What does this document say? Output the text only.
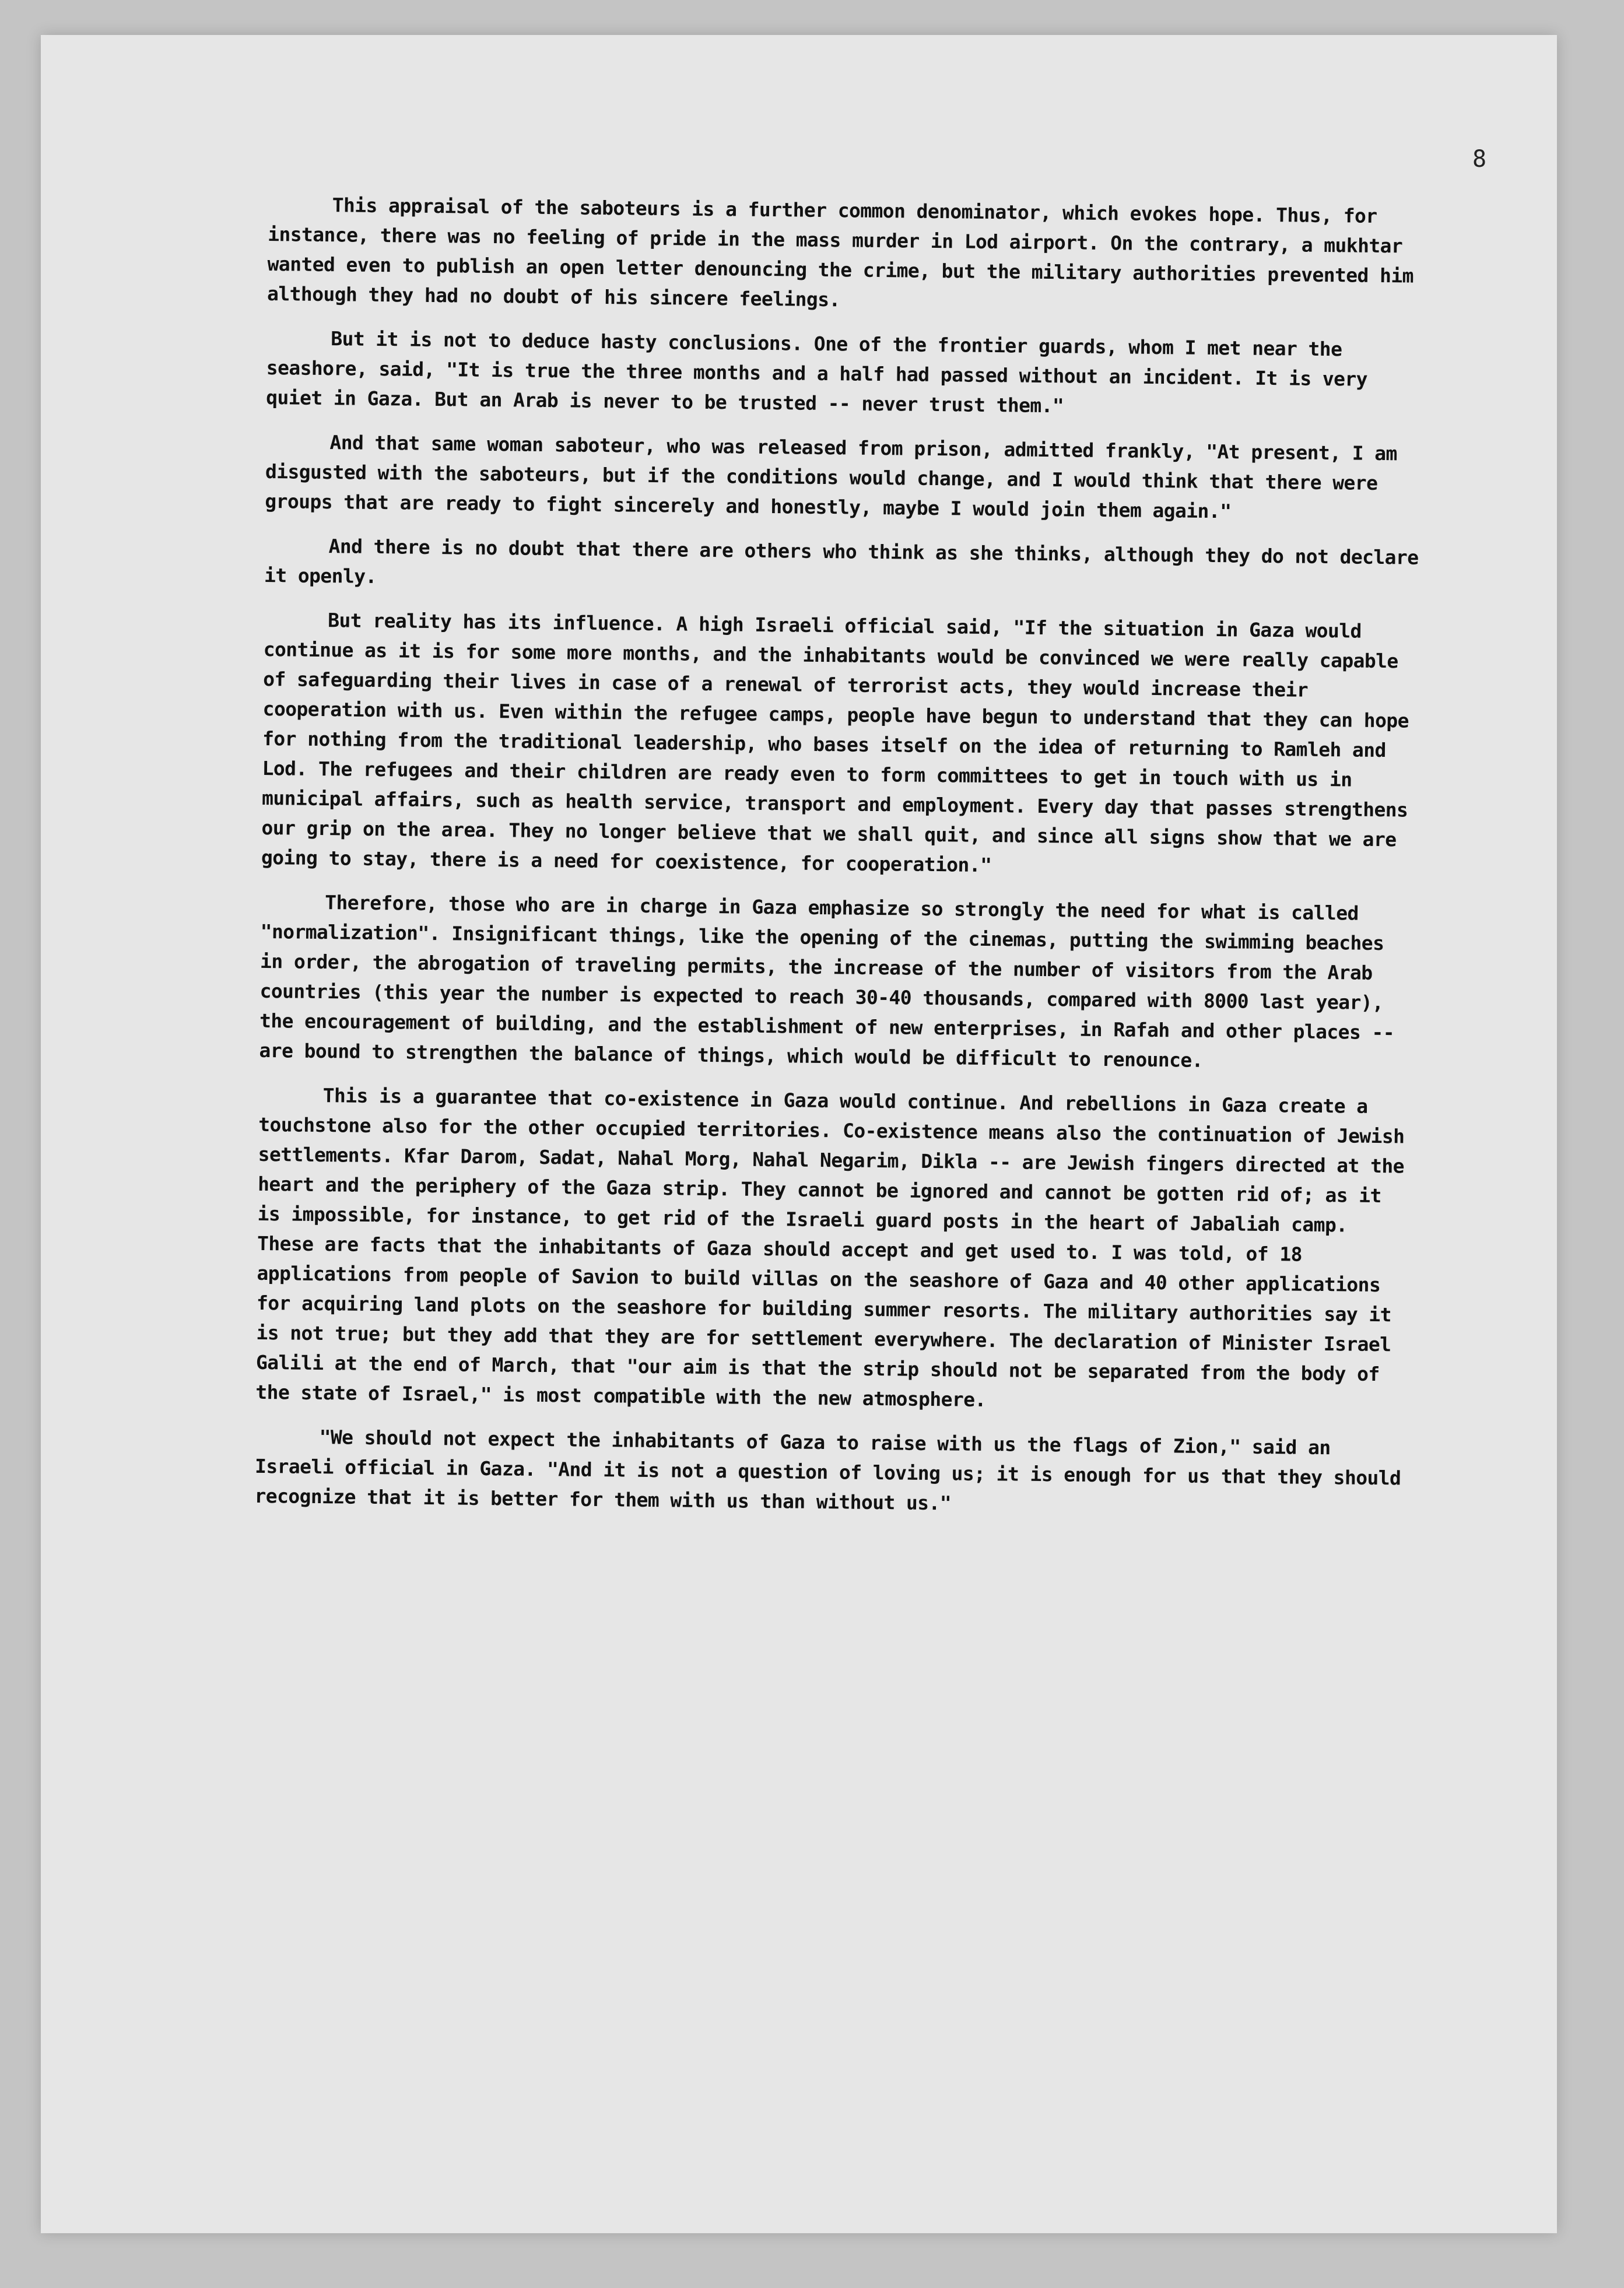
8

This appraisal of the saboteurs is a further common denominator, which evokes hope. Thus, for instance, there was no feeling of pride in the mass murder in Lod airport. On the contrary, a mukhtar wanted even to publish an open letter denouncing the crime, but the military authorities prevented him although they had no doubt of his sincere feelings.

But it is not to deduce hasty conclusions. One of the frontier guards, whom I met near the seashore, said, "It is true the three months and a half had passed without an incident. It is very quiet in Gaza. But an Arab is never to be trusted -- never trust them."

And that same woman saboteur, who was released from prison, admitted frankly, "At present, I am disgusted with the saboteurs, but if the conditions would change, and I would think that there were groups that are ready to fight sincerely and honestly, maybe I would join them again."

And there is no doubt that there are others who think as she thinks, although they do not declare it openly.

But reality has its influence. A high Israeli official said, "If the situation in Gaza would continue as it is for some more months, and the inhabitants would be convinced we were really capable of safeguarding their lives in case of a renewal of terrorist acts, they would increase their cooperation with us. Even within the refugee camps, people have begun to understand that they can hope for nothing from the traditional leadership, who bases itself on the idea of returning to Ramleh and Lod. The refugees and their children are ready even to form committees to get in touch with us in municipal affairs, such as health service, transport and employment. Every day that passes strengthens our grip on the area. They no longer believe that we shall quit, and since all signs show that we are going to stay, there is a need for coexistence, for cooperation."

Therefore, those who are in charge in Gaza emphasize so strongly the need for what is called "normalization". Insignificant things, like the opening of the cinemas, putting the swimming beaches in order, the abrogation of traveling permits, the increase of the number of visitors from the Arab countries (this year the number is expected to reach 30-40 thousands, compared with 8000 last year), the encouragement of building, and the establishment of new enterprises, in Rafah and other places -- are bound to strengthen the balance of things, which would be difficult to renounce.

This is a guarantee that co-existence in Gaza would continue. And rebellions in Gaza create a touchstone also for the other occupied territories. Co-existence means also the continuation of Jewish settlements. Kfar Darom, Sadat, Nahal Morg, Nahal Negarim, Dikla -- are Jewish fingers directed at the heart and the periphery of the Gaza strip. They cannot be ignored and cannot be gotten rid of; as it is impossible, for instance, to get rid of the Israeli guard posts in the heart of Jabaliah camp. These are facts that the inhabitants of Gaza should accept and get used to. I was told, of 18 applications from people of Savion to build villas on the seashore of Gaza and 40 other applications for acquiring land plots on the seashore for building summer resorts. The military authorities say it is not true; but they add that they are for settlement everywhere. The declaration of Minister Israel Galili at the end of March, that "our aim is that the strip should not be separated from the body of the state of Israel," is most compatible with the new atmosphere.

"We should not expect the inhabitants of Gaza to raise with us the flags of Zion," said an Israeli official in Gaza. "And it is not a question of loving us; it is enough for us that they should recognize that it is better for them with us than without us."
